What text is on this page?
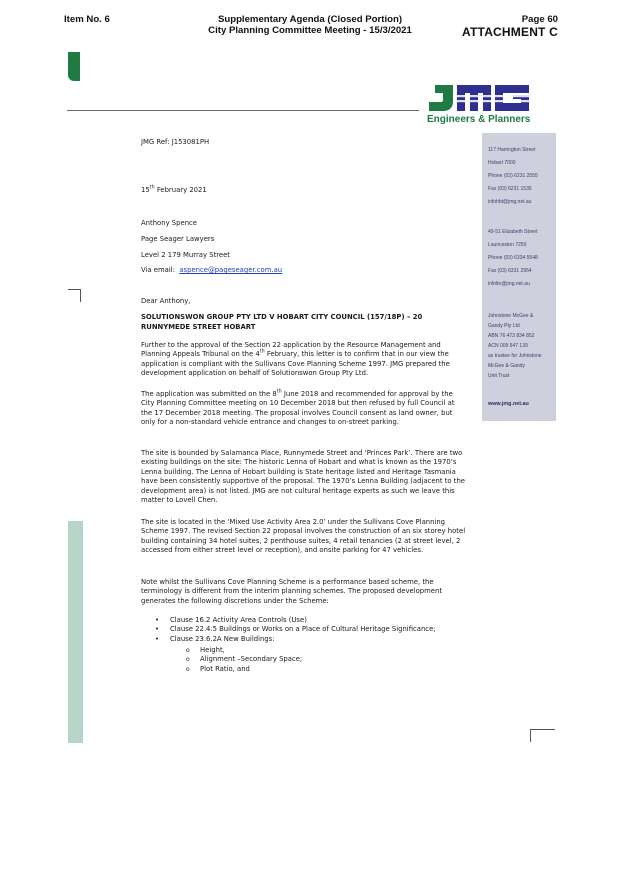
Item No. 6	Supplementary Agenda (Closed Portion)
City Planning Committee Meeting - 15/3/2021
Page 60
ATTACHMENT C
Engineers & Planners
117 Harrington Street
Hobart 7000
Phone (03) 6231 2555
Fax (03) 6231 1535
infohbt@jmg.net.au
49-51 Elizabeth Street
Launceston 7250
Phone (03) 6334 5548
Fax (03) 6331 2954
infoltn@jmg.net.au
Johnstone McGee &
Gandy Pty Ltd
ABN 76 473 834 852
ACN 009 547 139
as trustee for Johnstone
McGee & Gandy
Unit Trust
www.jmg.net.au
JMG Ref: J153081PH
15th February 2021
Anthony Spence
Page Seager Lawyers
Level 2 179 Murray Street
Via email: aspence@pageseager.com.au
Dear Anthony,
SOLUTIONSWON GROUP PTY LTD V HOBART CITY COUNCIL (157/18P) – 20
RUNNYMEDE STREET HOBART
Further to the approval of the Section 22 application by the Resource Management and Planning Appeals Tribunal on the 4th February, this letter is to confirm that in our view the application is compliant with the Sullivans Cove Planning Scheme 1997. JMG prepared the development application on behalf of Solutionswon Group Pty Ltd.
The application was submitted on the 8th June 2018 and recommended for approval by the City Planning Committee meeting on 10 December 2018 but then refused by full Council at the 17 December 2018 meeting. The proposal involves Council consent as land owner, but only for a non-standard vehicle entrance and changes to on-street parking.
The site is bounded by Salamanca Place, Runnymede Street and ‘Princes Park’. There are two existing buildings on the site: The historic Lenna of Hobart and what is known as the 1970’s Lenna building. The Lenna of Hobart building is State heritage listed and Heritage Tasmania have been consistently supportive of the proposal. The 1970’s Lenna Building (adjacent to the development area) is not listed. JMG are not cultural heritage experts as such we leave this matter to Lovell Chen.
The site is located in the ‘Mixed Use Activity Area 2.0’ under the Sullivans Cove Planning Scheme 1997. The revised Section 22 proposal involves the construction of an six storey hotel building containing 34 hotel suites, 2 penthouse suites, 4 retail tenancies (2 at street level, 2 accessed from either street level or reception), and onsite parking for 47 vehicles.
Note whilst the Sullivans Cove Planning Scheme is a performance based scheme, the terminology is different from the interim planning schemes. The proposed development generates the following discretions under the Scheme:
• Clause 16.2 Activity Area Controls (Use)
• Clause 22.4.5 Buildings or Works on a Place of Cultural Heritage Significance;
• Clause 23.6.2A New Buildings:
o Height,
o Alignment –Secondary Space;
o Plot Ratio, and
